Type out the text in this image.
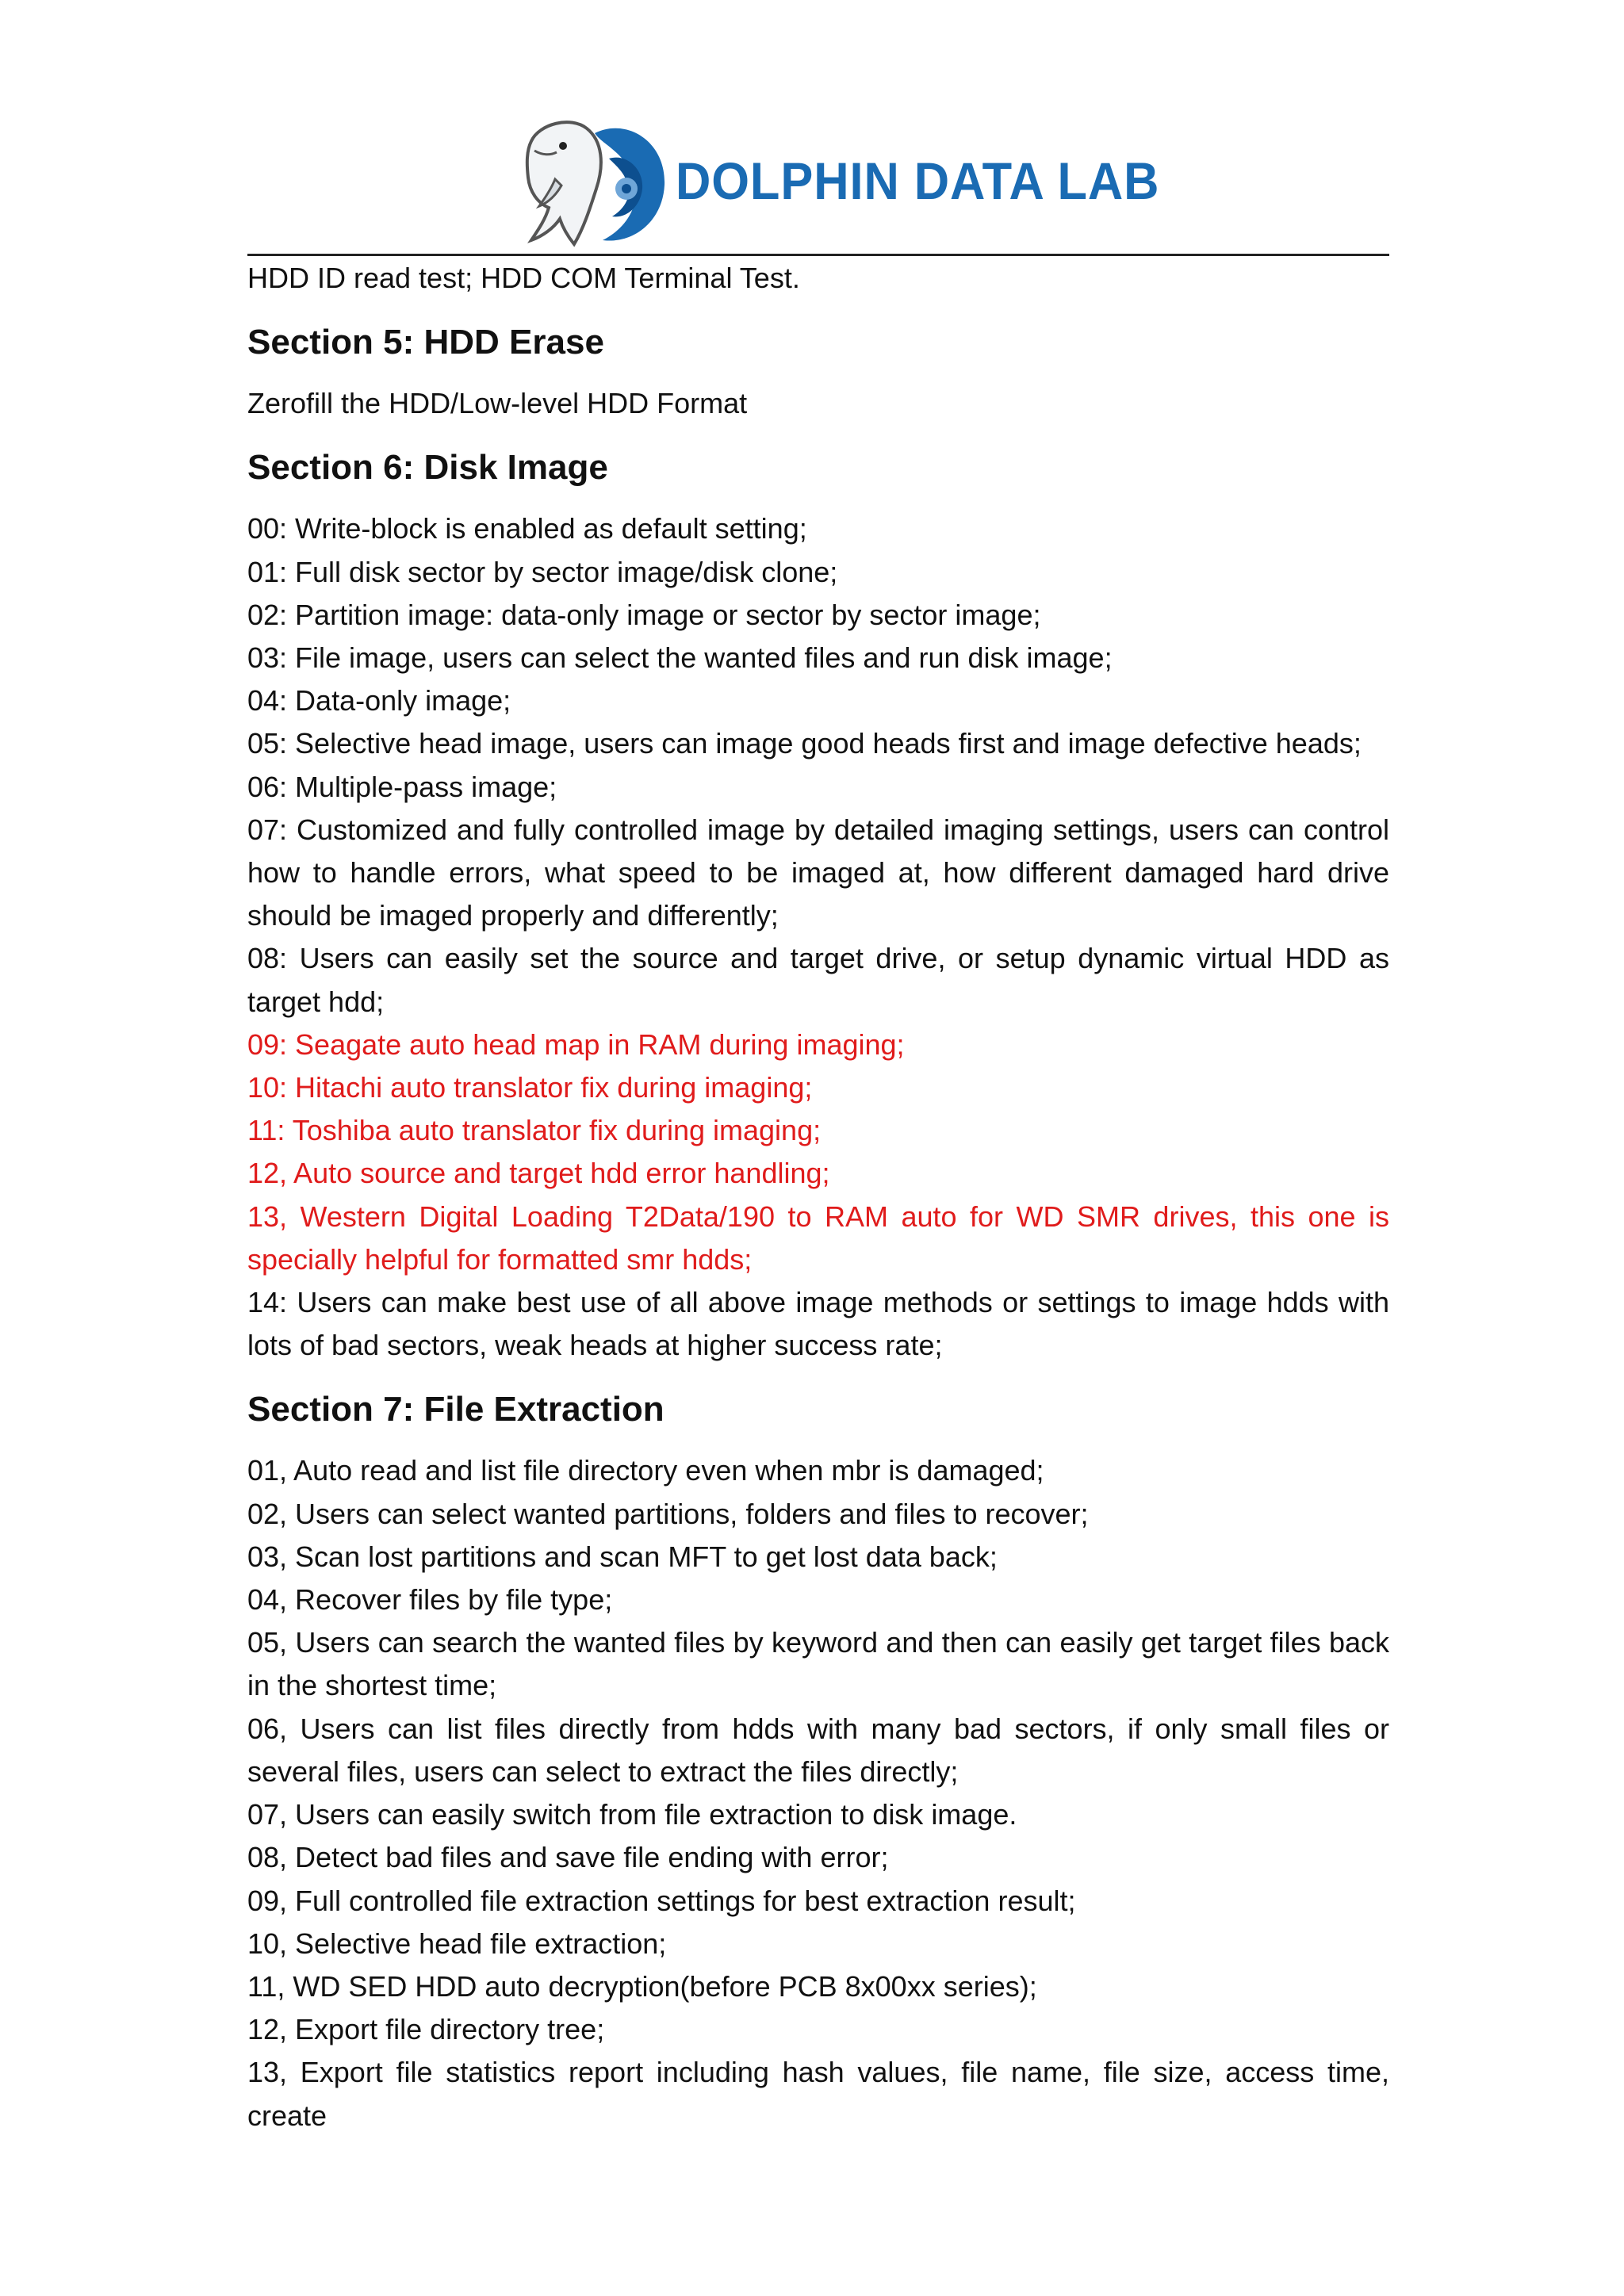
DOLPHIN DATA LAB

HDD ID read test; HDD COM Terminal Test.

Section 5: HDD Erase

Zerofill the HDD/Low-level HDD Format

Section 6: Disk Image

00: Write-block is enabled as default setting;

01: Full disk sector by sector image/disk clone;

02: Partition image: data-only image or sector by sector image;

03: File image, users can select the wanted files and run disk image;

04: Data-only image;

05: Selective head image, users can image good heads first and image defective heads;

06: Multiple-pass image;

07: Customized and fully controlled image by detailed imaging settings, users can control how to handle errors, what speed to be imaged at, how different damaged hard drive should be imaged properly and differently;

08: Users can easily set the source and target drive, or setup dynamic virtual HDD as target hdd;

09: Seagate auto head map in RAM during imaging;

10: Hitachi auto translator fix during imaging;

11: Toshiba auto translator fix during imaging;

12, Auto source and target hdd error handling;

13, Western Digital Loading T2Data/190 to RAM auto for WD SMR drives, this one is specially helpful for formatted smr hdds;

14: Users can make best use of all above image methods or settings to image hdds with lots of bad sectors, weak heads at higher success rate;

Section 7: File Extraction

01, Auto read and list file directory even when mbr is damaged;

02, Users can select wanted partitions, folders and files to recover;

03, Scan lost partitions and scan MFT to get lost data back;

04, Recover files by file type;

05, Users can search the wanted files by keyword and then can easily get target files back in the shortest time;

06, Users can list files directly from hdds with many bad sectors, if only small files or several files, users can select to extract the files directly;

07, Users can easily switch from file extraction to disk image.

08, Detect bad files and save file ending with error;

09, Full controlled file extraction settings for best extraction result;

10, Selective head file extraction;

11, WD SED HDD auto decryption(before PCB 8x00xx series);

12, Export file directory tree;

13, Export file statistics report including hash values, file name, file size, access time, create
